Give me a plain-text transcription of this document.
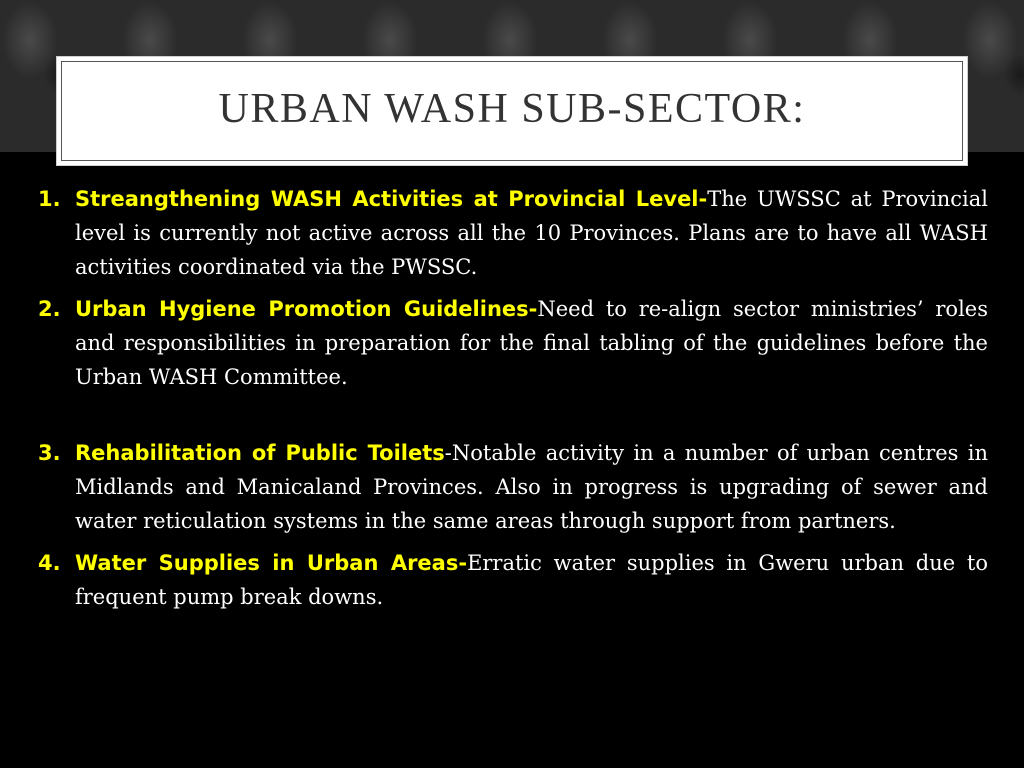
URBAN WASH SUB-SECTOR:
1. Streangthening WASH Activities at Provincial Level-The UWSSC at Provincial level is currently not active across all the 10 Provinces. Plans are to have all WASH activities coordinated via the PWSSC.
2. Urban Hygiene Promotion Guidelines-Need to re-align sector ministries’ roles and responsibilities in preparation for the final tabling of the guidelines before the Urban WASH Committee.
3. Rehabilitation of Public Toilets-Notable activity in a number of urban centres in Midlands and Manicaland Provinces. Also in progress is upgrading of sewer and water reticulation systems in the same areas through support from partners.
4. Water Supplies in Urban Areas-Erratic water supplies in Gweru urban due to frequent pump break downs.
